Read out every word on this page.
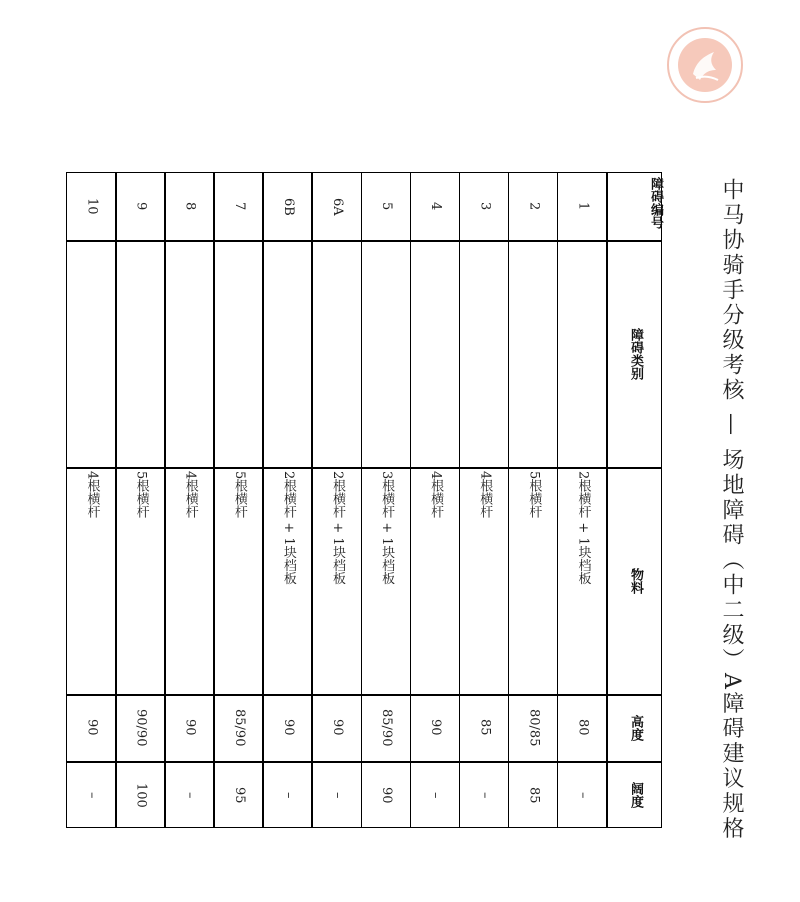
中马协骑手分级考核 — 场地障碍（中二级）A障碍建议规格
障碍编号
障碍类别
物料
高度
阔度
1
2根横杆 + 1块档板
80
–
2
5根横杆
80/85
85
3
4根横杆
85
–
4
4根横杆
90
–
5
3根横杆 + 1块档板
85/90
90
6A
2根横杆 + 1块档板
90
–
6B
2根横杆 + 1块档板
90
–
7
5根横杆
85/90
95
8
4根横杆
90
–
9
5根横杆
90/90
100
10
4根横杆
90
–
